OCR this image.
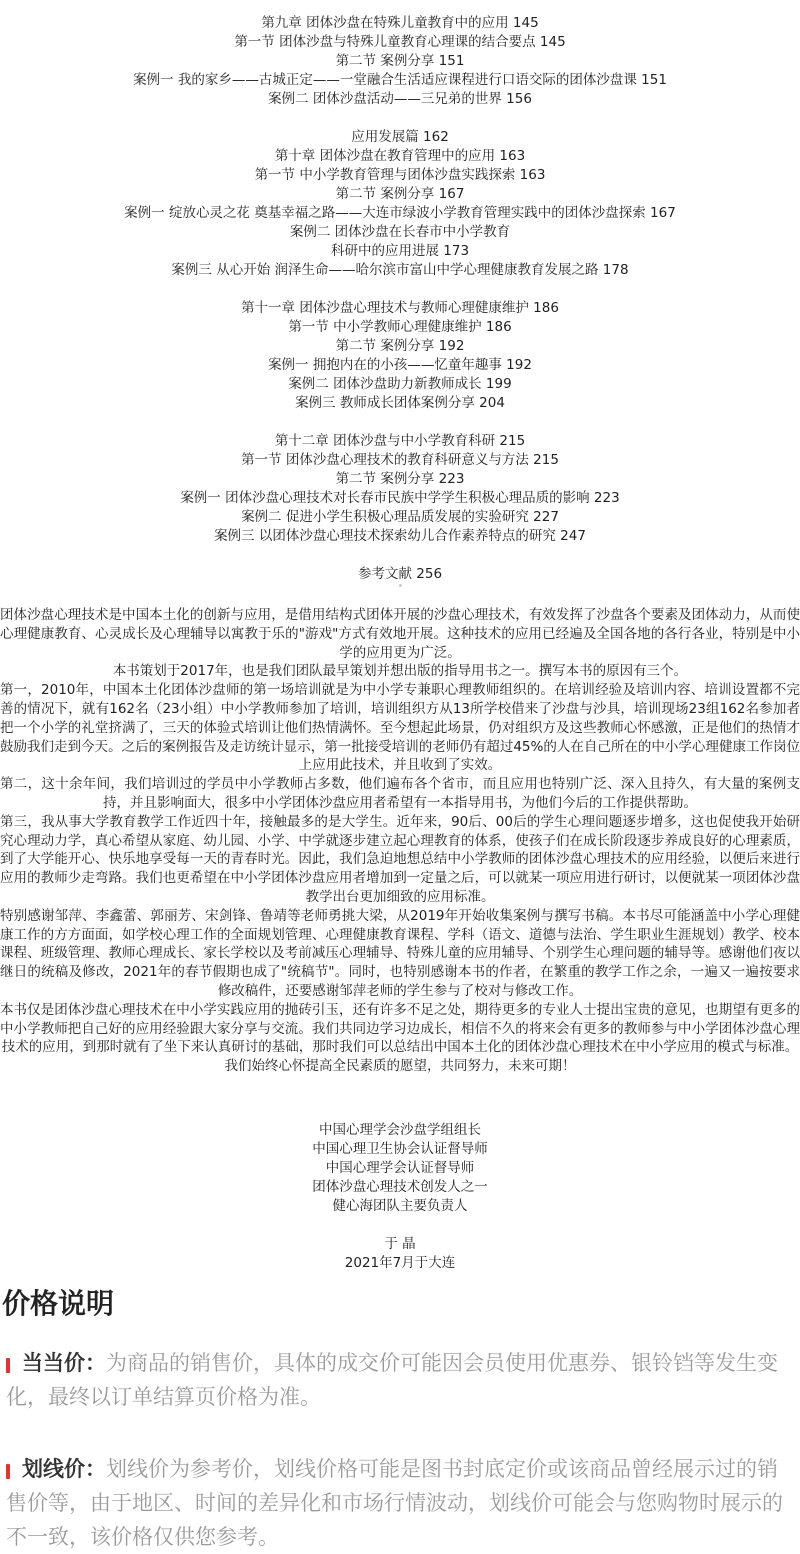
第九章 团体沙盘在特殊儿童教育中的应用 145
第一节 团体沙盘与特殊儿童教育心理课的结合要点 145
第二节 案例分享 151
案例一 我的家乡——古城正定——一堂融合生活适应课程进行口语交际的团体沙盘课 151
案例二 团体沙盘活动——三兄弟的世界 156
应用发展篇 162
第十章 团体沙盘在教育管理中的应用 163
第一节 中小学教育管理与团体沙盘实践探索 163
第二节 案例分享 167
案例一 绽放心灵之花 奠基幸福之路——大连市绿波小学教育管理实践中的团体沙盘探索 167
案例二 团体沙盘在长春市中小学教育
科研中的应用进展 173
案例三 从心开始 润泽生命——哈尔滨市富山中学心理健康教育发展之路 178
第十一章 团体沙盘心理技术与教师心理健康维护 186
第一节 中小学教师心理健康维护 186
第二节 案例分享 192
案例一 拥抱内在的小孩——忆童年趣事 192
案例二 团体沙盘助力新教师成长 199
案例三 教师成长团体案例分享 204
第十二章 团体沙盘与中小学教育科研 215
第一节 团体沙盘心理技术的教育科研意义与方法 215
第二节 案例分享 223
案例一 团体沙盘心理技术对长春市民族中学学生积极心理品质的影响 223
案例二 促进小学生积极心理品质发展的实验研究 227
案例三 以团体沙盘心理技术探索幼儿合作素养特点的研究 247
参考文献 256

团体沙盘心理技术是中国本土化的创新与应用，是借用结构式团体开展的沙盘心理技术，有效发挥了沙盘各个要素及团体动力，从而使心理健康教育、心灵成长及心理辅导以寓教于乐的"游戏"方式有效地开展。这种技术的应用已经遍及全国各地的各行各业，特别是中小学的应用更为广泛。

本书策划于2017年，也是我们团队最早策划并想出版的指导用书之一。撰写本书的原因有三个。

第一，2010年，中国本土化团体沙盘师的第一场培训就是为中小学专兼职心理教师组织的。在培训经验及培训内容、培训设置都不完善的情况下，就有162名（23小组）中小学教师参加了培训，培训组织方从13所学校借来了沙盘与沙具，培训现场23组162名参加者把一个小学的礼堂挤满了，三天的体验式培训让他们热情满怀。至今想起此场景，仍对组织方及这些教师心怀感激，正是他们的热情才鼓励我们走到今天。之后的案例报告及走访统计显示，第一批接受培训的老师仍有超过45%的人在自己所在的中小学心理健康工作岗位上应用此技术，并且收到了实效。

第二，这十余年间，我们培训过的学员中小学教师占多数，他们遍布各个省市，而且应用也特别广泛、深入且持久，有大量的案例支持，并且影响面大，很多中小学团体沙盘应用者希望有一本指导用书，为他们今后的工作提供帮助。

第三，我从事大学教育教学工作近四十年，接触最多的是大学生。近年来，90后、00后的学生心理问题逐步增多，这也促使我开始研究心理动力学，真心希望从家庭、幼儿园、小学、中学就逐步建立起心理教育的体系，使孩子们在成长阶段逐步养成良好的心理素质，到了大学能开心、快乐地享受每一天的青春时光。因此，我们急迫地想总结中小学教师的团体沙盘心理技术的应用经验，以便后来进行应用的教师少走弯路。我们也更希望在中小学团体沙盘应用者增加到一定量之后，可以就某一项应用进行研讨，以便就某一项团体沙盘教学出台更加细致的应用标准。

特别感谢邹萍、李鑫蕾、郭丽芳、宋剑锋、鲁靖等老师勇挑大梁，从2019年开始收集案例与撰写书稿。本书尽可能涵盖中小学心理健康工作的方方面面，如学校心理工作的全面规划管理、心理健康教育课程、学科（语文、道德与法治、学生职业生涯规划）教学、校本课程、班级管理、教师心理成长、家长学校以及考前减压心理辅导、特殊儿童的应用辅导、个别学生心理问题的辅导等。感谢他们夜以继日的统稿及修改，2021年的春节假期也成了"统稿节"。同时，也特别感谢本书的作者，在繁重的教学工作之余，一遍又一遍按要求修改稿件，还要感谢邹萍老师的学生参与了校对与修改工作。

本书仅是团体沙盘心理技术在中小学实践应用的抛砖引玉，还有许多不足之处，期待更多的专业人士提出宝贵的意见，也期望有更多的中小学教师把自己好的应用经验跟大家分享与交流。我们共同边学习边成长，相信不久的将来会有更多的教师参与中小学团体沙盘心理技术的应用，到那时就有了坐下来认真研讨的基础，那时我们可以总结出中国本土化的团体沙盘心理技术在中小学应用的模式与标准。

我们始终心怀提高全民素质的愿望，共同努力，未来可期！

中国心理学会沙盘学组组长
中国心理卫生协会认证督导师
中国心理学会认证督导师
团体沙盘心理技术创发人之一
健心海团队主要负责人
于 晶
2021年7月于大连
价格说明
当当价：为商品的销售价，具体的成交价可能因会员使用优惠券、银铃铛等发生变化，最终以订单结算页价格为准。
划线价：划线价为参考价，划线价格可能是图书封底定价或该商品曾经展示过的销售价等，由于地区、时间的差异化和市场行情波动，划线价可能会与您购物时展示的不一致，该价格仅供您参考。
